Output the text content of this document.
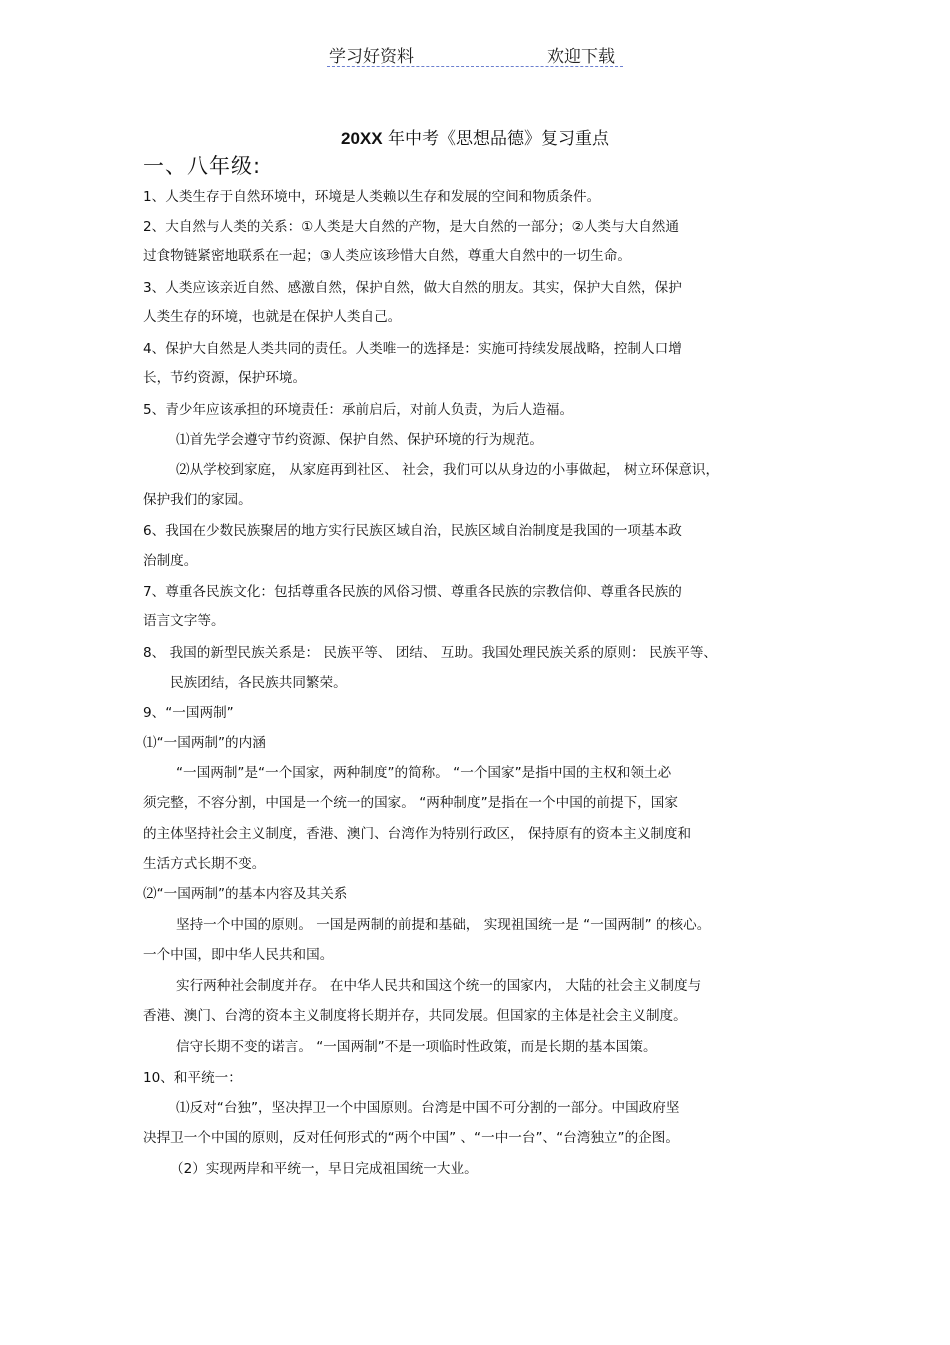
学习好资料	欢迎下载
20XX 年中考《思想品德》复习重点
一、八年级:
1、人类生存于自然环境中，环境是人类赖以生存和发展的空间和物质条件。
2、大自然与人类的关系：①人类是大自然的产物，是大自然的一部分；②人类与大自然通
过食物链紧密地联系在一起；③人类应该珍惜大自然，尊重大自然中的一切生命。
3、人类应该亲近自然、感激自然，保护自然，做大自然的朋友。其实，保护大自然，保护
人类生存的环境，也就是在保护人类自己。
4、保护大自然是人类共同的责任。人类唯一的选择是：实施可持续发展战略，控制人口增
长，节约资源，保护环境。
5、青少年应该承担的环境责任：承前启后，对前人负责，为后人造福。
⑴首先学会遵守节约资源、保护自然、保护环境的行为规范。
⑵从学校到家庭， 从家庭再到社区、 社会，我们可以从身边的小事做起， 树立环保意识，
保护我们的家园。
6、我国在少数民族聚居的地方实行民族区域自治，民族区域自治制度是我国的一项基本政
治制度。
7、尊重各民族文化：包括尊重各民族的风俗习惯、尊重各民族的宗教信仰、尊重各民族的
语言文字等。
8、 我国的新型民族关系是： 民族平等、 团结、 互助。我国处理民族关系的原则： 民族平等、
民族团结，各民族共同繁荣。
9、“一国两制”
⑴“一国两制”的内涵
“一国两制”是“一个国家，两种制度”的简称。 “一个国家”是指中国的主权和领土必
须完整，不容分割，中国是一个统一的国家。 “两种制度”是指在一个中国的前提下，国家
的主体坚持社会主义制度，香港、澳门、台湾作为特别行政区， 保持原有的资本主义制度和
生活方式长期不变。
⑵“一国两制”的基本内容及其关系
坚持一个中国的原则。 一国是两制的前提和基础， 实现祖国统一是 “一国两制” 的核心。
一个中国，即中华人民共和国。
实行两种社会制度并存。 在中华人民共和国这个统一的国家内， 大陆的社会主义制度与
香港、澳门、台湾的资本主义制度将长期并存，共同发展。但国家的主体是社会主义制度。
信守长期不变的诺言。 “一国两制”不是一项临时性政策，而是长期的基本国策。
10、和平统一：
⑴反对“台独”，坚决捍卫一个中国原则。台湾是中国不可分割的一部分。中国政府坚
决捍卫一个中国的原则，反对任何形式的“两个中国” 、“一中一台”、“台湾独立”的企图。
（2）实现两岸和平统一，早日完成祖国统一大业。
